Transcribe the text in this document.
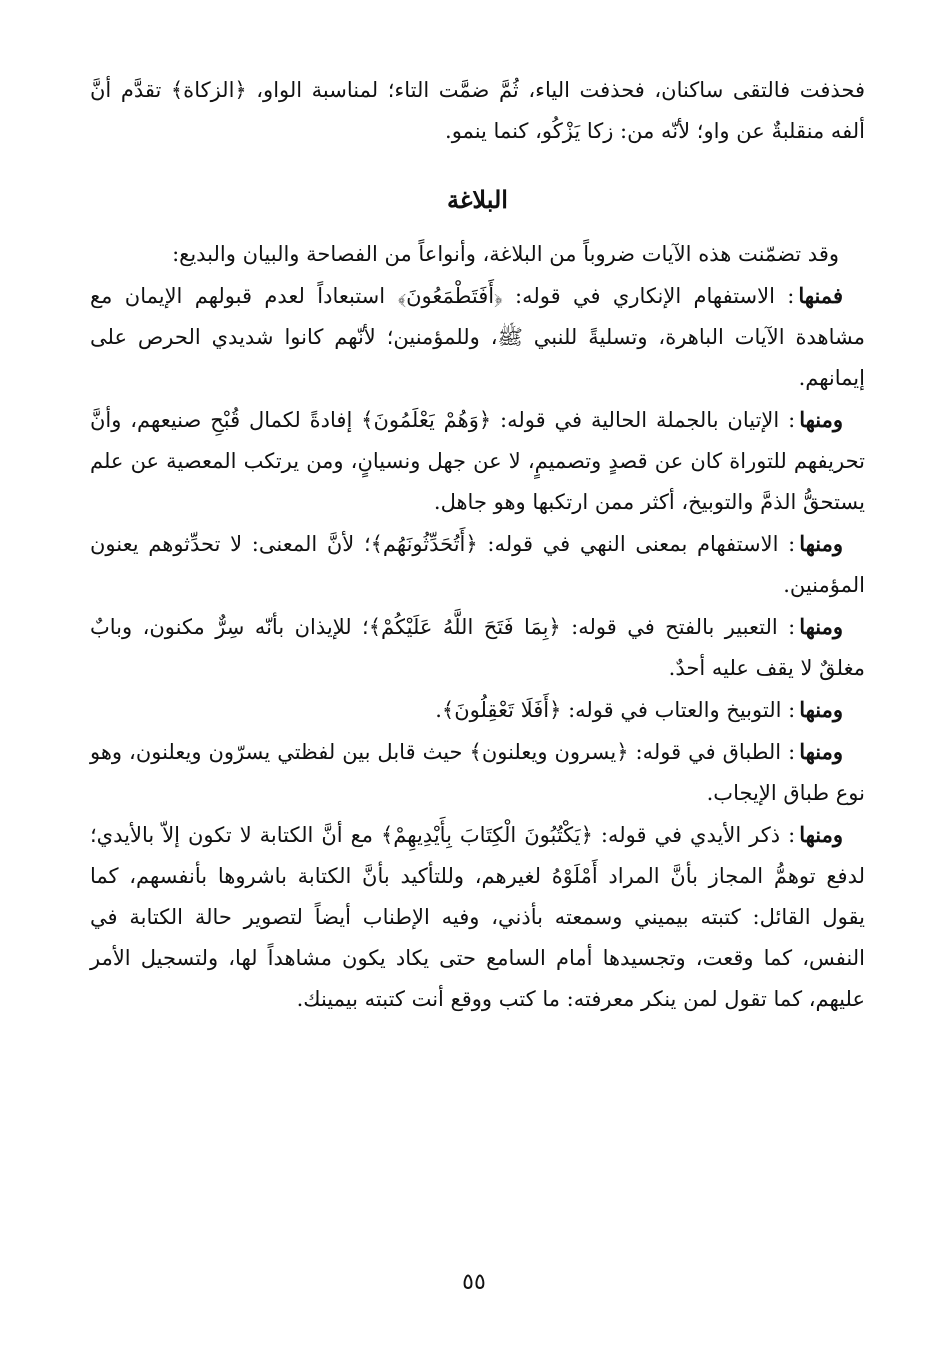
فحذفت فالتقى ساكنان، فحذفت الياء، ثُمَّ ضمَّت التاء؛ لمناسبة الواو، ﴿الزكاة﴾ تقدَّم أنَّ ألفه منقلبةٌ عن واو؛ لأنّه من: زكا يَزْكُو، كنما ينمو.

البلاغة

وقد تضمّنت هذه الآيات ضروباً من البلاغة، وأنواعاً من الفصاحة والبيان والبديع:

فمنها: الاستفهام الإنكاري في قوله: ﴿أَفَتَطْمَعُونَ﴾ استبعاداً لعدم قبولهم الإيمان مع مشاهدة الآيات الباهرة، وتسليةً للنبي ﷺ، وللمؤمنين؛ لأنّهم كانوا شديدي الحرص على إيمانهم.

ومنها: الإتيان بالجملة الحالية في قوله: ﴿وَهُمْ يَعْلَمُونَ﴾ إفادةً لكمال قُبْحِ صنيعهم، وأنَّ تحريفهم للتوراة كان عن قصدٍ وتصميمٍ، لا عن جهل ونسيانٍ، ومن يرتكب المعصية عن علم يستحقُّ الذمَّ والتوبيخ، أكثر ممن ارتكبها وهو جاهل.

ومنها: الاستفهام بمعنى النهي في قوله: ﴿أَتُحَدِّثُونَهُم﴾؛ لأنَّ المعنى: لا تحدِّثوهم يعنون المؤمنين.

ومنها: التعبير بالفتح في قوله: ﴿بِمَا فَتَحَ اللَّهُ عَلَيْكُمْ﴾؛ للإيذان بأنّه سِرٌّ مكنون، وبابٌ مغلقٌ لا يقف عليه أحدٌ.

ومنها: التوبيخ والعتاب في قوله: ﴿أَفَلَا تَعْقِلُونَ﴾.

ومنها: الطباق في قوله: ﴿يسرون ويعلنون﴾ حيث قابل بين لفظتي يسرّون ويعلنون، وهو نوع طباق الإيجاب.

ومنها: ذكر الأيدي في قوله: ﴿يَكْتُبُونَ الْكِتَابَ بِأَيْدِيهِمْ﴾ مع أنَّ الكتابة لا تكون إلاّ بالأيدي؛ لدفع توهمُّ المجاز بأنَّ المراد أَمْلَوْهُ لغيرهم، وللتأكيد بأنَّ الكتابة باشروها بأنفسهم، كما يقول القائل: كتبته بيميني وسمعته بأذني، وفيه الإطناب أيضاً لتصوير حالة الكتابة في النفس، كما وقعت، وتجسيدها أمام السامع حتى يكاد يكون مشاهداً لها، ولتسجيل الأمر عليهم، كما تقول لمن ينكر معرفته: ما كتب ووقع أنت كتبته بيمينك.

٥٥
